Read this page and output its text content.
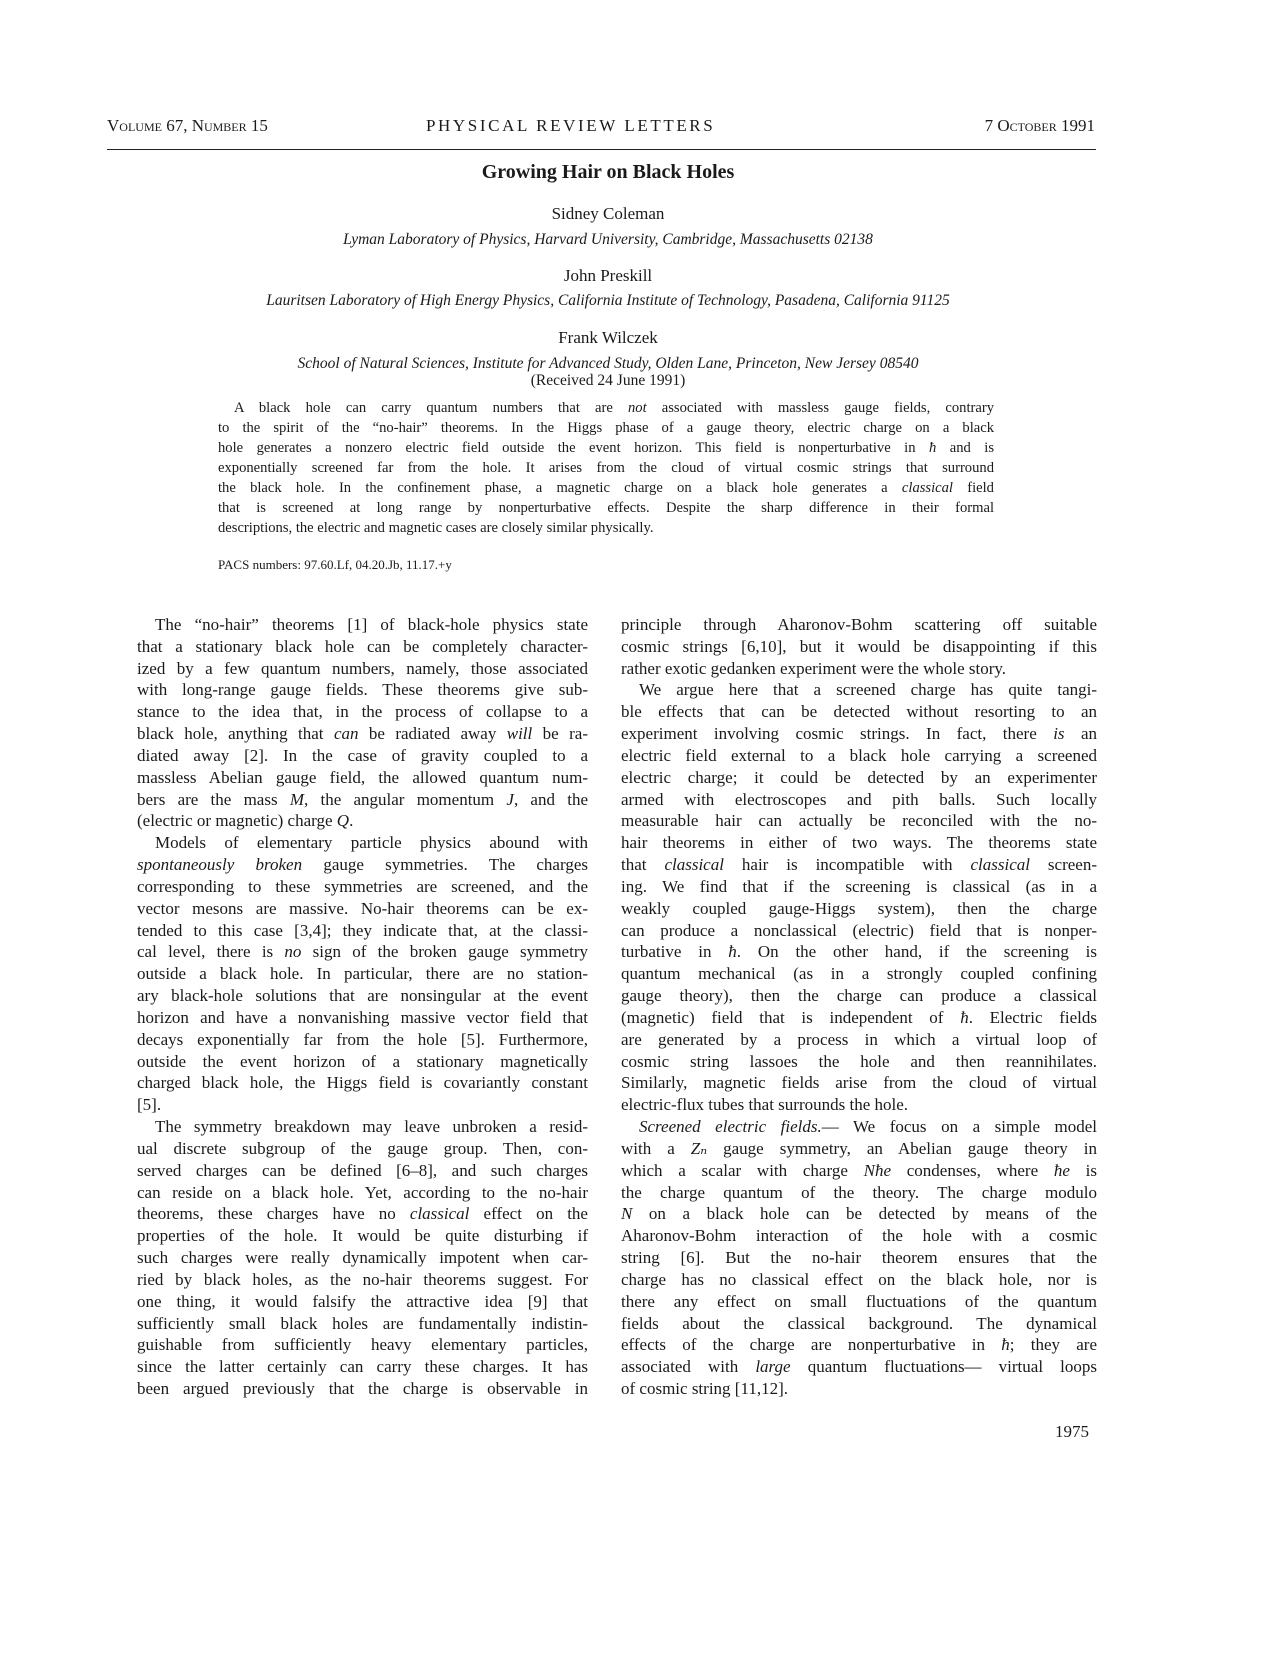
Volume 67, Number 15	PHYSICAL REVIEW LETTERS	7 October 1991
Growing Hair on Black Holes
Sidney Coleman
Lyman Laboratory of Physics, Harvard University, Cambridge, Massachusetts 02138
John Preskill
Lauritsen Laboratory of High Energy Physics, California Institute of Technology, Pasadena, California 91125
Frank Wilczek
School of Natural Sciences, Institute for Advanced Study, Olden Lane, Princeton, New Jersey 08540
(Received 24 June 1991)
A black hole can carry quantum numbers that are not associated with massless gauge fields, contrary
to the spirit of the “no-hair” theorems. In the Higgs phase of a gauge theory, electric charge on a black
hole generates a nonzero electric field outside the event horizon. This field is nonperturbative in ħ and is
exponentially screened far from the hole. It arises from the cloud of virtual cosmic strings that surround
the black hole. In the confinement phase, a magnetic charge on a black hole generates a classical field
that is screened at long range by nonperturbative effects. Despite the sharp difference in their formal
descriptions, the electric and magnetic cases are closely similar physically.
PACS numbers: 97.60.Lf, 04.20.Jb, 11.17.+y
The “no-hair” theorems [1] of black-hole physics state
that a stationary black hole can be completely character-
ized by a few quantum numbers, namely, those associated
with long-range gauge fields. These theorems give sub-
stance to the idea that, in the process of collapse to a
black hole, anything that can be radiated away will be ra-
diated away [2]. In the case of gravity coupled to a
massless Abelian gauge field, the allowed quantum num-
bers are the mass M, the angular momentum J, and the
(electric or magnetic) charge Q.
Models of elementary particle physics abound with
spontaneously broken gauge symmetries. The charges
corresponding to these symmetries are screened, and the
vector mesons are massive. No-hair theorems can be ex-
tended to this case [3,4]; they indicate that, at the classi-
cal level, there is no sign of the broken gauge symmetry
outside a black hole. In particular, there are no station-
ary black-hole solutions that are nonsingular at the event
horizon and have a nonvanishing massive vector field that
decays exponentially far from the hole [5]. Furthermore,
outside the event horizon of a stationary magnetically
charged black hole, the Higgs field is covariantly constant
[5].
The symmetry breakdown may leave unbroken a resid-
ual discrete subgroup of the gauge group. Then, con-
served charges can be defined [6–8], and such charges
can reside on a black hole. Yet, according to the no-hair
theorems, these charges have no classical effect on the
properties of the hole. It would be quite disturbing if
such charges were really dynamically impotent when car-
ried by black holes, as the no-hair theorems suggest. For
one thing, it would falsify the attractive idea [9] that
sufficiently small black holes are fundamentally indistin-
guishable from sufficiently heavy elementary particles,
since the latter certainly can carry these charges. It has
been argued previously that the charge is observable in
principle through Aharonov-Bohm scattering off suitable
cosmic strings [6,10], but it would be disappointing if this
rather exotic gedanken experiment were the whole story.
We argue here that a screened charge has quite tangi-
ble effects that can be detected without resorting to an
experiment involving cosmic strings. In fact, there is an
electric field external to a black hole carrying a screened
electric charge; it could be detected by an experimenter
armed with electroscopes and pith balls. Such locally
measurable hair can actually be reconciled with the no-
hair theorems in either of two ways. The theorems state
that classical hair is incompatible with classical screen-
ing. We find that if the screening is classical (as in a
weakly coupled gauge-Higgs system), then the charge
can produce a nonclassical (electric) field that is nonper-
turbative in ħ. On the other hand, if the screening is
quantum mechanical (as in a strongly coupled confining
gauge theory), then the charge can produce a classical
(magnetic) field that is independent of ħ. Electric fields
are generated by a process in which a virtual loop of
cosmic string lassoes the hole and then reannihilates.
Similarly, magnetic fields arise from the cloud of virtual
electric-flux tubes that surrounds the hole.
Screened electric fields.— We focus on a simple model
with a Zₙ gauge symmetry, an Abelian gauge theory in
which a scalar with charge Nħe condenses, where ħe is
the charge quantum of the theory. The charge modulo
N on a black hole can be detected by means of the
Aharonov-Bohm interaction of the hole with a cosmic
string [6]. But the no-hair theorem ensures that the
charge has no classical effect on the black hole, nor is
there any effect on small fluctuations of the quantum
fields about the classical background. The dynamical
effects of the charge are nonperturbative in ħ; they are
associated with large quantum fluctuations— virtual loops
of cosmic string [11,12].
1975
